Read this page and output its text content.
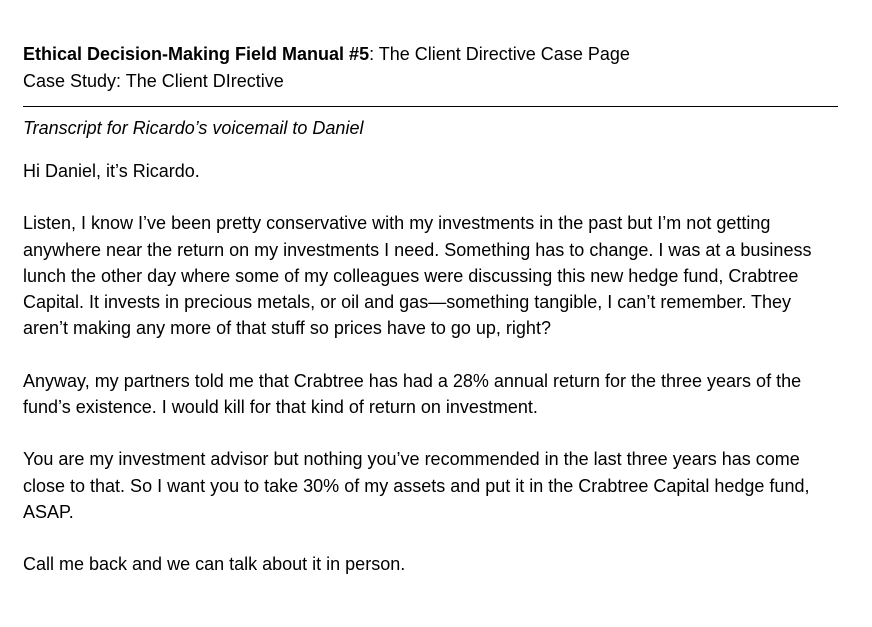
Ethical Decision-Making Field Manual #5: The Client Directive Case Page

Case Study: The Client DIrective

Transcript for Ricardo’s voicemail to Daniel

Hi Daniel, it’s Ricardo.

Listen, I know I’ve been pretty conservative with my investments in the past but I’m not getting anywhere near the return on my investments I need. Something has to change. I was at a business lunch the other day where some of my colleagues were discussing this new hedge fund, Crabtree Capital. It invests in precious metals, or oil and gas—something tangible, I can’t remember. They aren’t making any more of that stuff so prices have to go up, right?

Anyway, my partners told me that Crabtree has had a 28% annual return for the three years of the fund’s existence. I would kill for that kind of return on investment.

You are my investment advisor but nothing you’ve recommended in the last three years has come close to that. So I want you to take 30% of my assets and put it in the Crabtree Capital hedge fund, ASAP.

Call me back and we can talk about it in person.
